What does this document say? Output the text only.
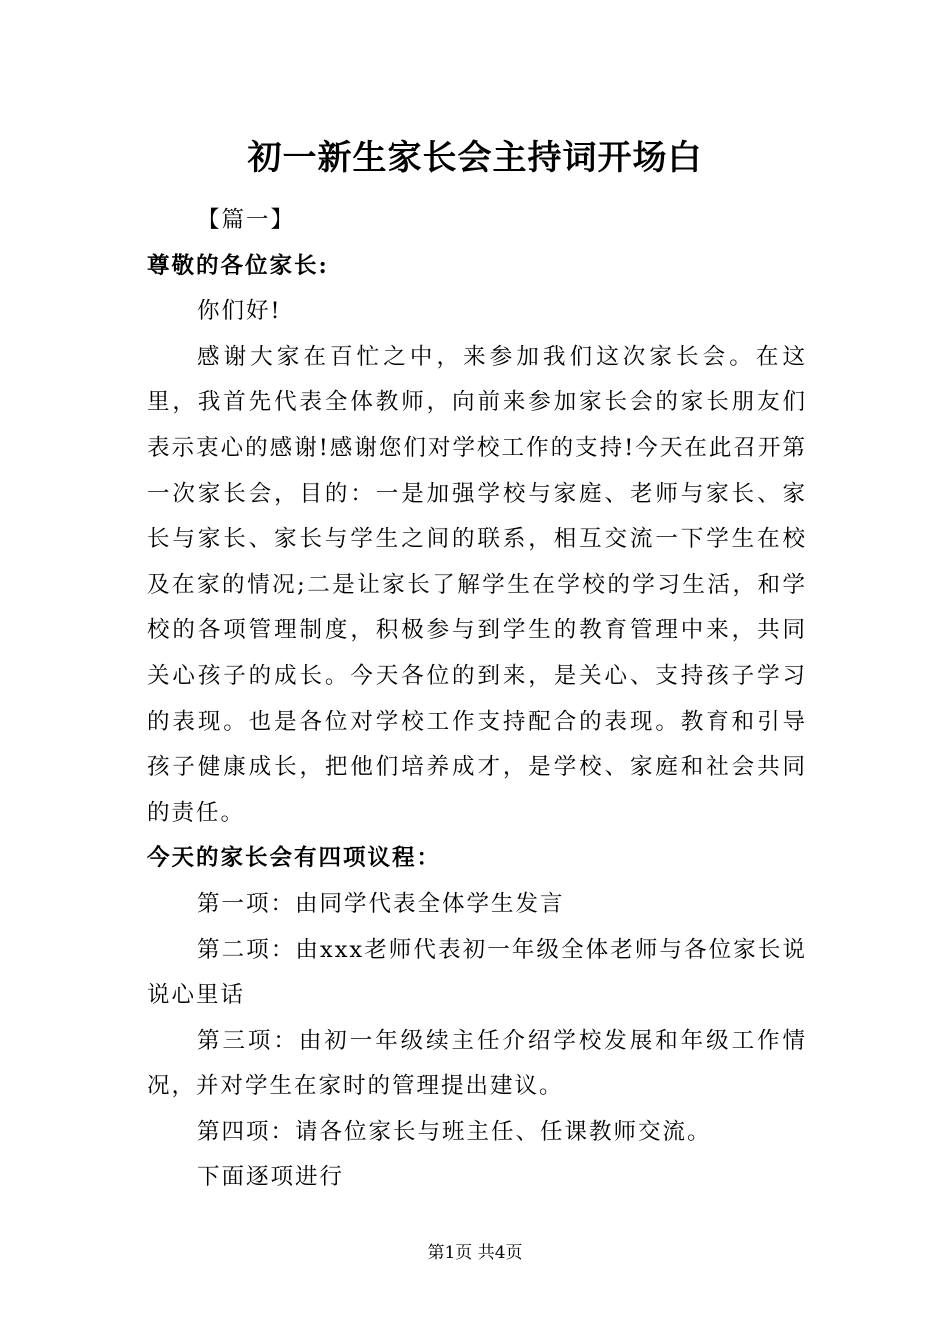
初一新生家长会主持词开场白

【篇一】

尊敬的各位家长:

你们好!

感谢大家在百忙之中，来参加我们这次家长会。在这里，我首先代表全体教师，向前来参加家长会的家长朋友们表示衷心的感谢!感谢您们对学校工作的支持!今天在此召开第一次家长会，目的：一是加强学校与家庭、老师与家长、家长与家长、家长与学生之间的联系，相互交流一下学生在校及在家的情况;二是让家长了解学生在学校的学习生活，和学校的各项管理制度，积极参与到学生的教育管理中来，共同关心孩子的成长。今天各位的到来，是关心、支持孩子学习的表现。也是各位对学校工作支持配合的表现。教育和引导孩子健康成长，把他们培养成才，是学校、家庭和社会共同的责任。

今天的家长会有四项议程：

第一项：由同学代表全体学生发言

第二项：由xxx老师代表初一年级全体老师与各位家长说说心里话

第三项：由初一年级续主任介绍学校发展和年级工作情况，并对学生在家时的管理提出建议。

第四项：请各位家长与班主任、任课教师交流。

下面逐项进行

第1页 共4页
